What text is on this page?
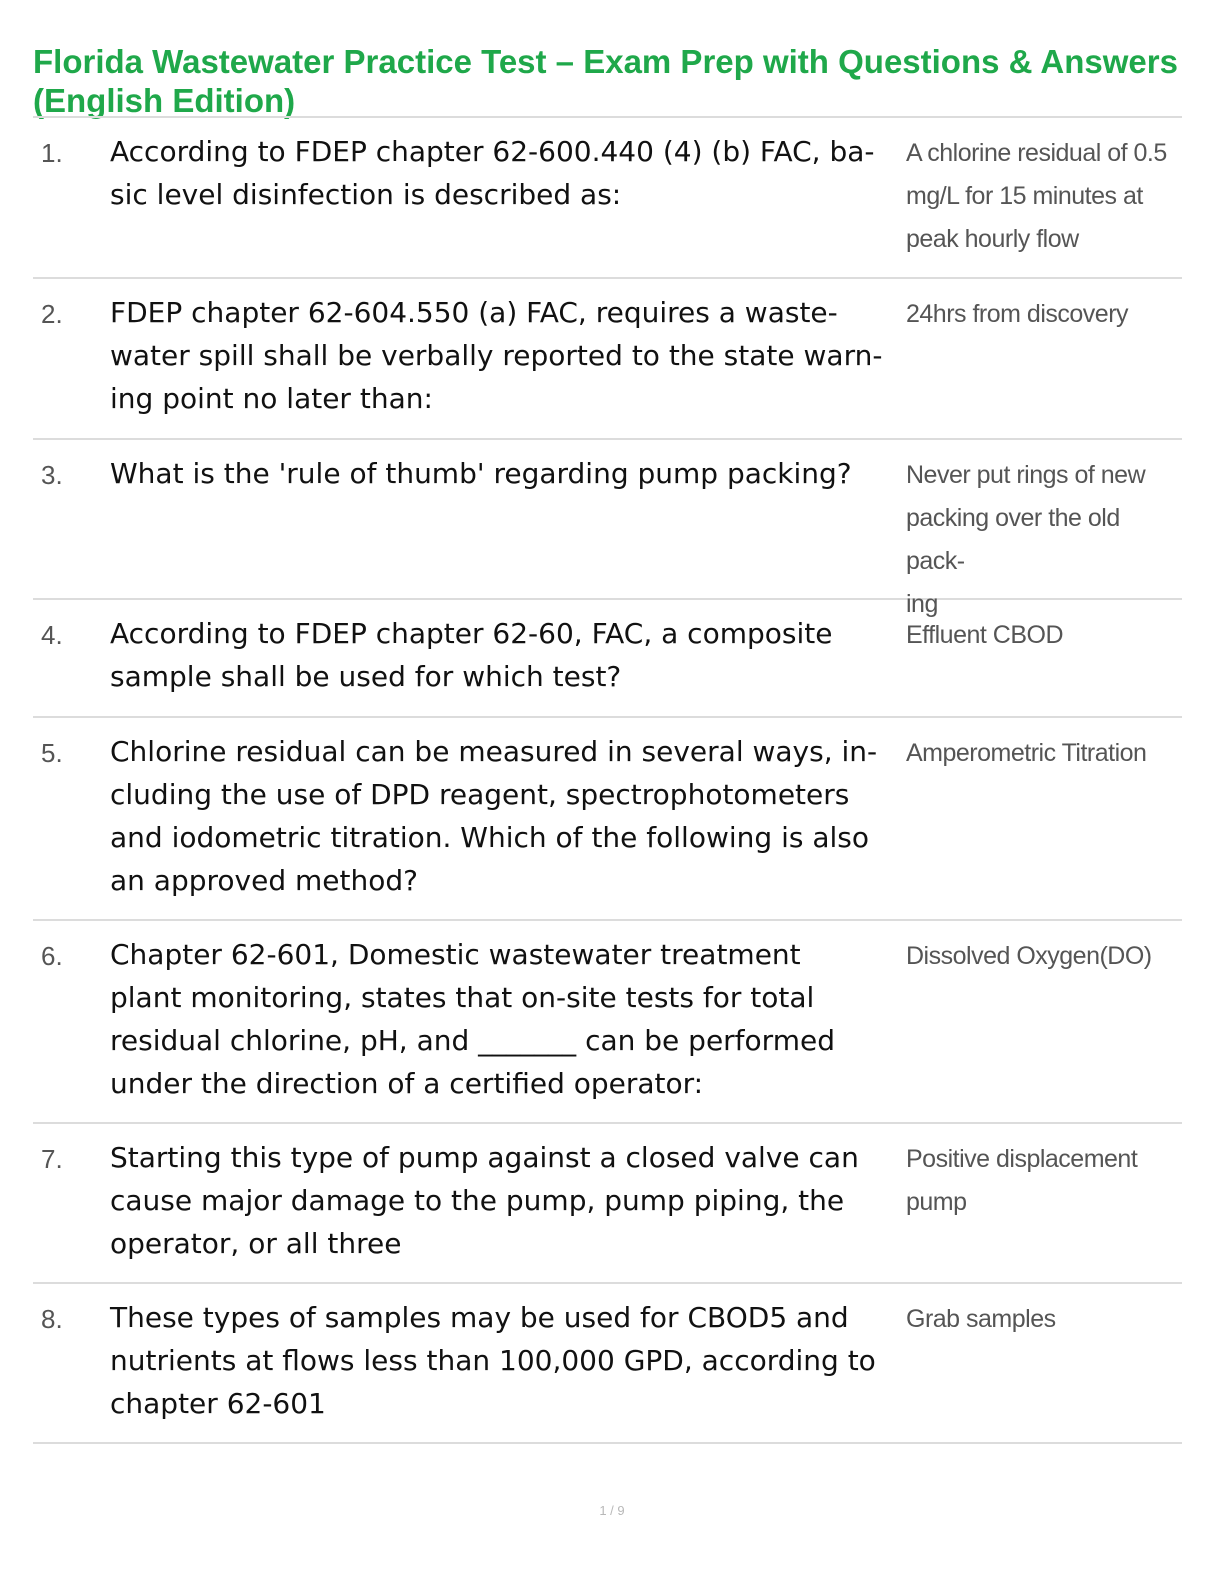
Florida Wastewater Practice Test – Exam Prep with Questions & Answers (English Edition)
1. According to FDEP chapter 62-600.440 (4) (b) FAC, ba-
sic level disinfection is described as:
A chlorine residual of 0.5
mg/L for 15 minutes at
peak hourly flow
2. FDEP chapter 62-604.550 (a) FAC, requires a waste-
water spill shall be verbally reported to the state warn-
ing point no later than:
24hrs from discovery
3. What is the 'rule of thumb' regarding pump packing?	Never put rings of new
packing over the old pack-
ing
4. According to FDEP chapter 62-60, FAC, a composite
sample shall be used for which test?
Effluent CBOD
5. Chlorine residual can be measured in several ways, in-
cluding the use of DPD reagent, spectrophotometers
and iodometric titration. Which of the following is also
an approved method?
Amperometric Titration
6. Chapter 62-601, Domestic wastewater treatment
plant monitoring, states that on-site tests for total
residual chlorine, pH, and _______ can be performed
under the direction of a certified operator:
Dissolved Oxygen(DO)
7. Starting this type of pump against a closed valve can
cause major damage to the pump, pump piping, the
operator, or all three
Positive displacement
pump
8. These types of samples may be used for CBOD5 and
nutrients at flows less than 100,000 GPD, according to
chapter 62-601
Grab samples
1 / 9
